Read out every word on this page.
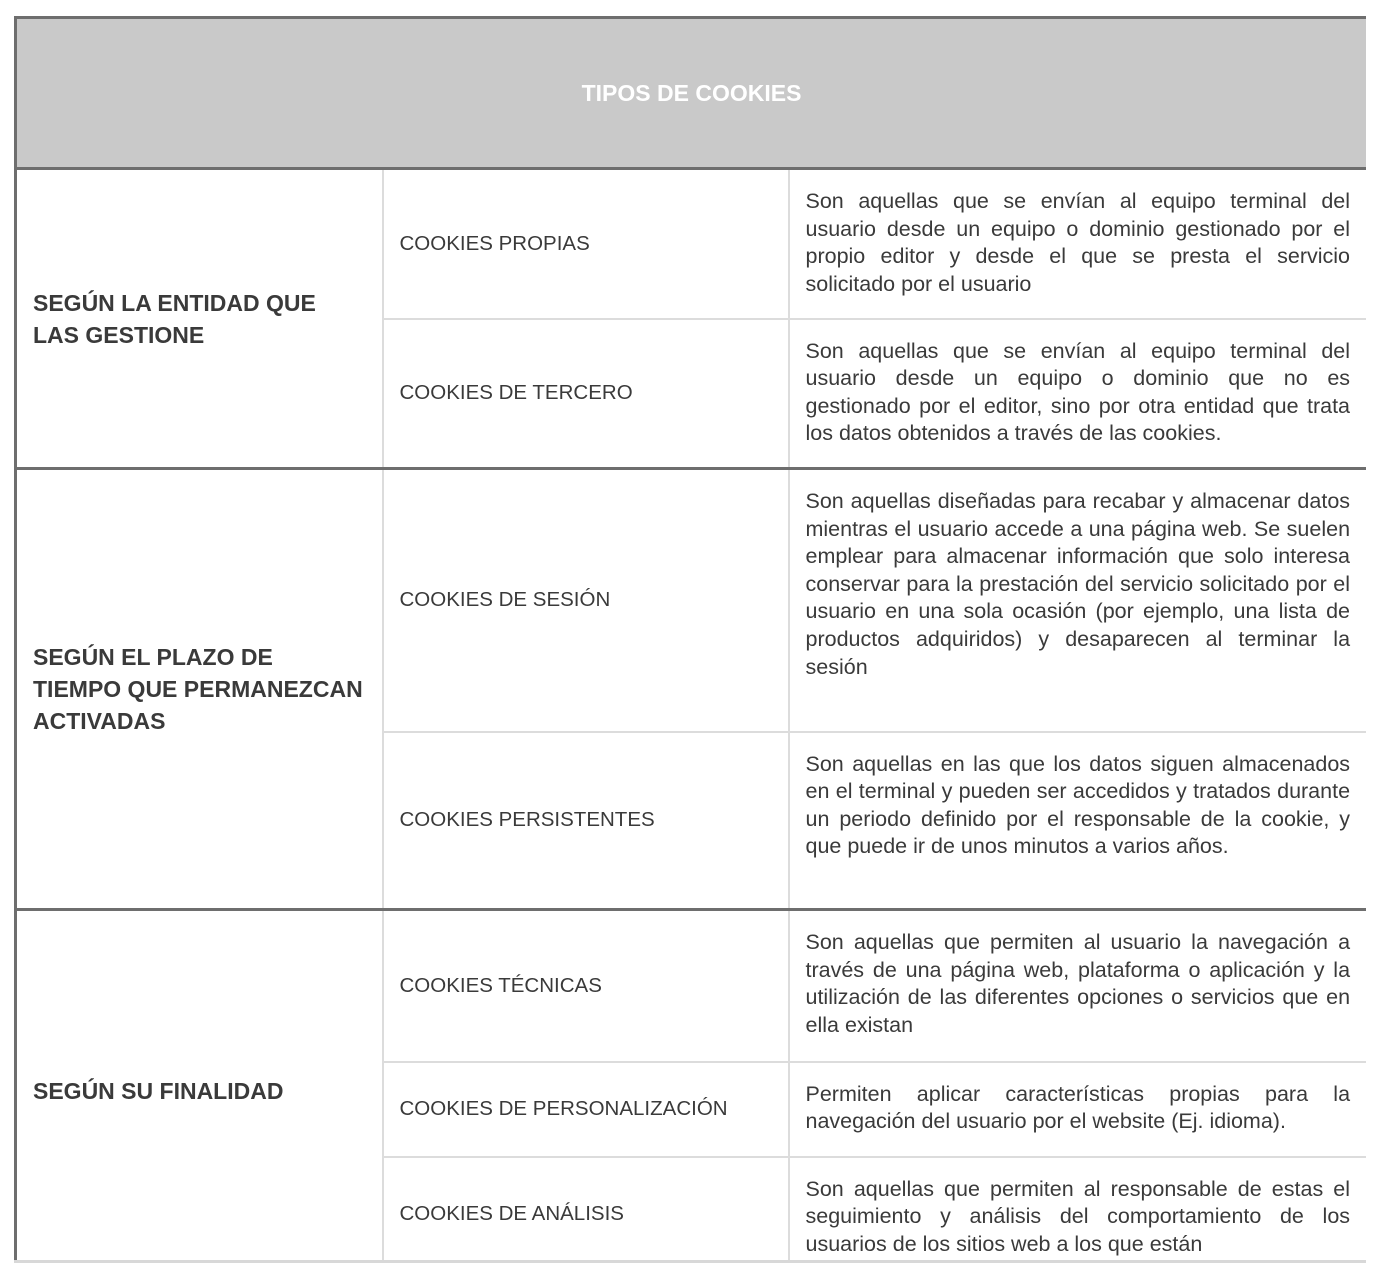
TIPOS DE COOKIES		

SEGÚN LA ENTIDAD QUE LAS GESTIONE	COOKIES PROPIAS	Son aquellas que se envían al equipo terminal del usuario desde un equipo o dominio gestionado por el propio editor y desde el que se presta el servicio solicitado por el usuario
	COOKIES DE TERCERO	Son aquellas que se envían al equipo terminal del usuario desde un equipo o dominio que no es gestionado por el editor, sino por otra entidad que trata los datos obtenidos a través de las cookies.

SEGÚN EL PLAZO DE TIEMPO QUE PERMANEZCAN ACTIVADAS	COOKIES DE SESIÓN	Son aquellas diseñadas para recabar y almacenar datos mientras el usuario accede a una página web. Se suelen emplear para almacenar información que solo interesa conservar para la prestación del servicio solicitado por el usuario en una sola ocasión (por ejemplo, una lista de productos adquiridos) y desaparecen al terminar la sesión
	COOKIES PERSISTENTES	Son aquellas en las que los datos siguen almacenados en el terminal y pueden ser accedidos y tratados durante un periodo definido por el responsable de la cookie, y que puede ir de unos minutos a varios años.

SEGÚN SU FINALIDAD	COOKIES TÉCNICAS	Son aquellas que permiten al usuario la navegación a través de una página web, plataforma o aplicación y la utilización de las diferentes opciones o servicios que en ella existan
	COOKIES DE PERSONALIZACIÓN	Permiten aplicar características propias para la navegación del usuario por el website (Ej. idioma).
	COOKIES DE ANÁLISIS	Son aquellas que permiten al responsable de estas el seguimiento y análisis del comportamiento de los usuarios de los sitios web a los que están
